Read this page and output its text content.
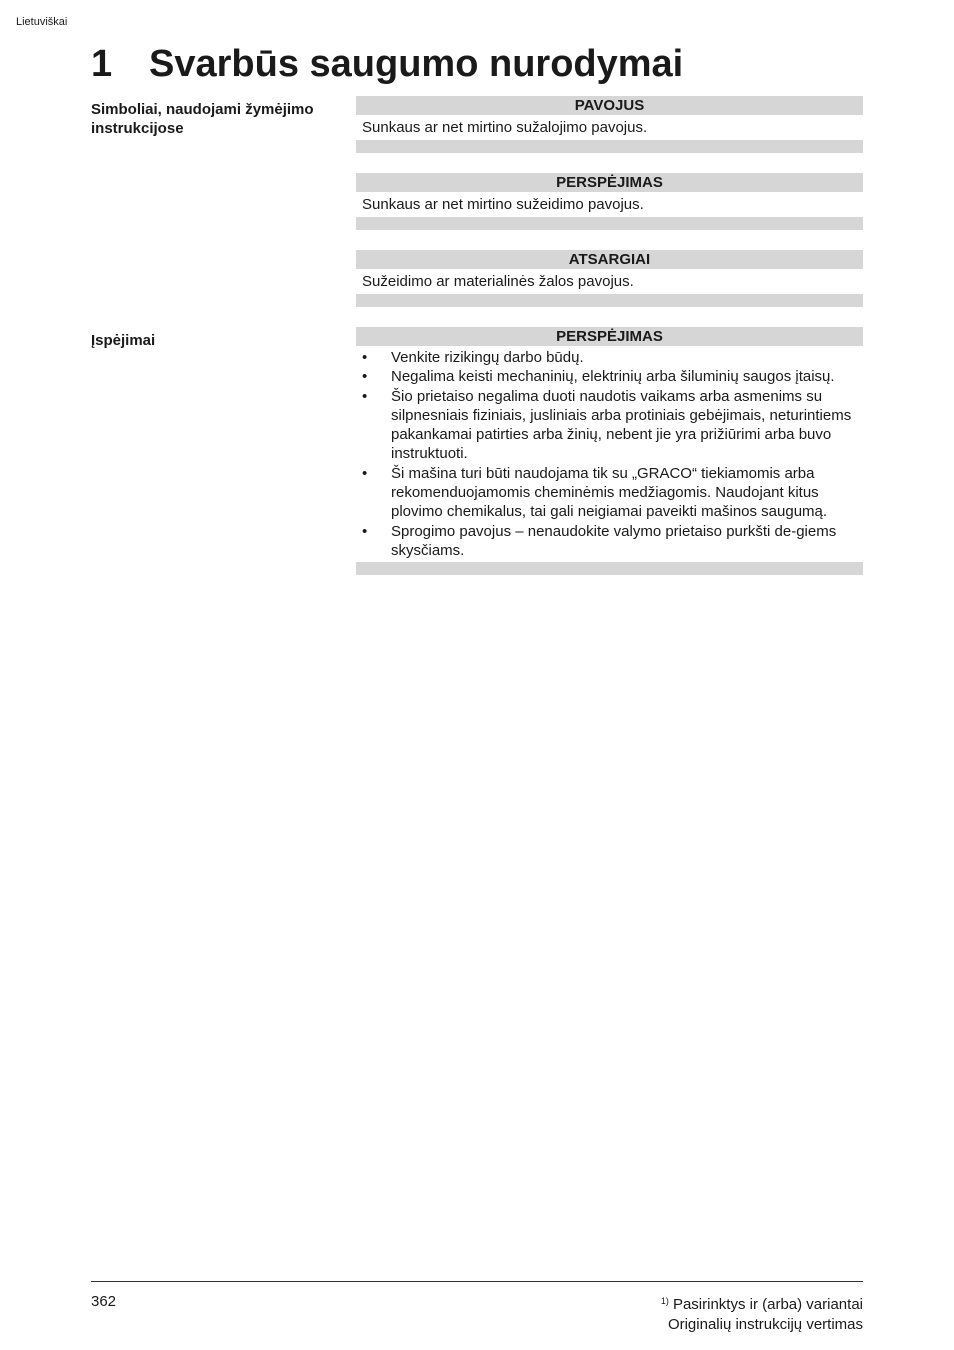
Lietuviškai
1 Svarbūs saugumo nurodymai
Simboliai, naudojami žymėjimo instrukcijose
PAVOJUS
Sunkaus ar net mirtino sužalojimo pavojus.
PERSPĖJIMAS
Sunkaus ar net mirtino sužeidimo pavojus.
ATSARGIAI
Sužeidimo ar materialinės žalos pavojus.
Įspėjimai	PERSPĖJIMAS
• Venkite rizikingų darbo būdų.
• Negalima keisti mechaninių, elektrinių arba šiluminių saugos įtaisų.
• Šio prietaiso negalima duoti naudotis vaikams arba asmenims su silpnesniais fiziniais, jusliniais arba protiniais gebėjimais, neturintiems pakankamai patirties arba žinių, nebent jie yra prižiūrimi arba buvo instruktuoti.
• Ši mašina turi būti naudojama tik su „GRACO“ tiekiamomis arba rekomenduojamomis cheminėmis medžiagomis. Naudojant kitus plovimo chemikalus, tai gali neigiamai paveikti mašinos saugumą.
• Sprogimo pavojus – nenaudokite valymo prietaiso purkšti de-giems skysčiams.
362	$^{1)}$ Pasirinktys ir (arba) variantai
Originalių instrukcijų vertimas
